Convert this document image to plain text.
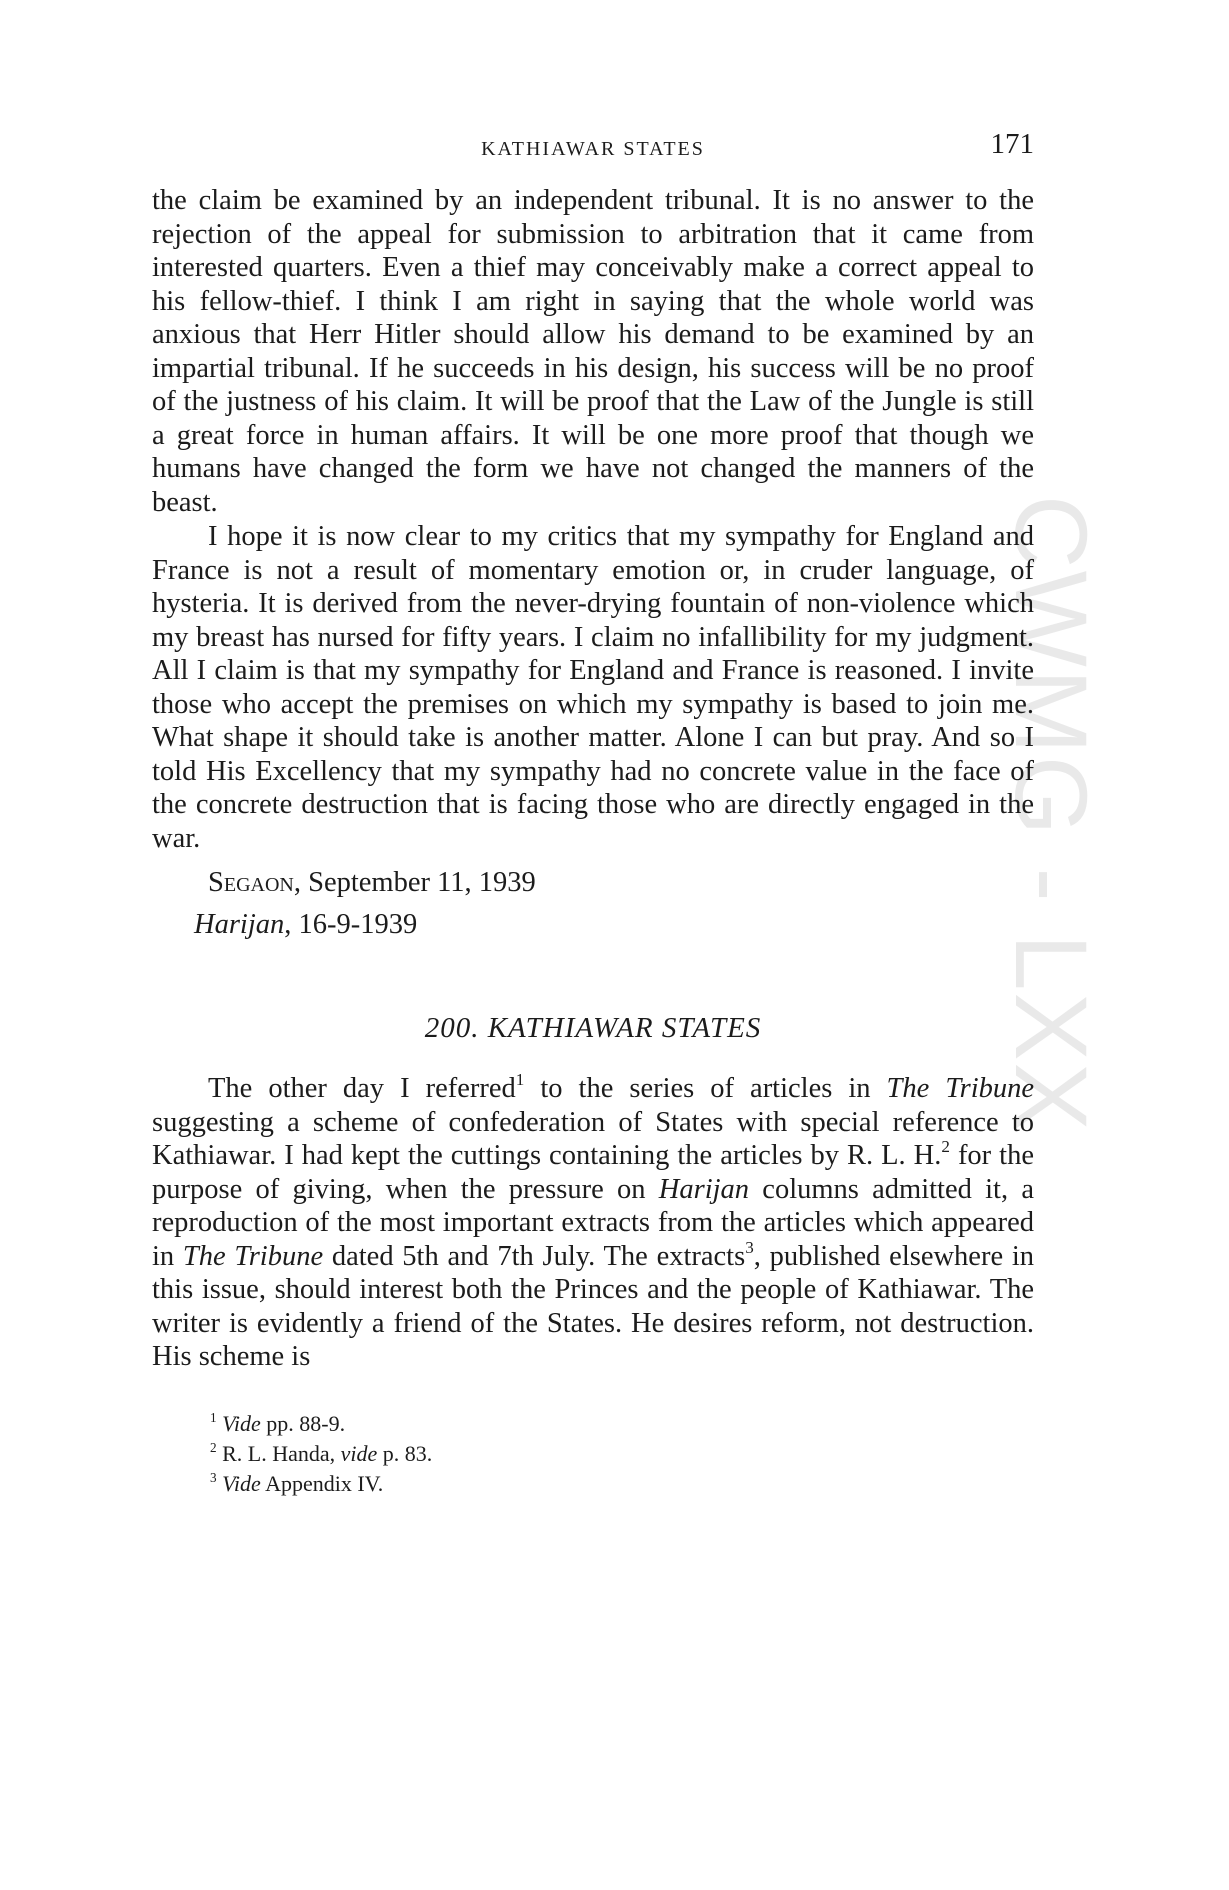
CWMG - LXX
KATHIAWAR STATES	171

the claim be examined by an independent tribunal. It is no answer to the rejection of the appeal for submission to arbitration that it came from interested quarters. Even a thief may conceivably make a correct appeal to his fellow-thief. I think I am right in saying that the whole world was anxious that Herr Hitler should allow his demand to be examined by an impartial tribunal. If he succeeds in his design, his success will be no proof of the justness of his claim. It will be proof that the Law of the Jungle is still a great force in human affairs. It will be one more proof that though we humans have changed the form we have not changed the manners of the beast.

I hope it is now clear to my critics that my sympathy for England and France is not a result of momentary emotion or, in cruder language, of hysteria. It is derived from the never-drying fountain of non-violence which my breast has nursed for fifty years. I claim no infallibility for my judgment. All I claim is that my sympathy for England and France is reasoned. I invite those who accept the premises on which my sympathy is based to join me. What shape it should take is another matter. Alone I can but pray. And so I told His Excellency that my sympathy had no concrete value in the face of the concrete destruction that is facing those who are directly engaged in the war.

Segaon, September 11, 1939
Harijan, 16-9-1939
200. KATHIAWAR STATES

The other day I referred$^1$ to the series of articles in The Tribune suggesting a scheme of confederation of States with special reference to Kathiawar. I had kept the cuttings containing the articles by R. L. H.$^2$ for the purpose of giving, when the pressure on Harijan columns admitted it, a reproduction of the most important extracts from the articles which appeared in The Tribune dated 5th and 7th July. The extracts$^3$, published elsewhere in this issue, should interest both the Princes and the people of Kathiawar. The writer is evidently a friend of the States. He desires reform, not destruction. His scheme is

$^1$ Vide pp. 88-9.

$^2$ R. L. Handa, vide p. 83.

$^3$ Vide Appendix IV.
